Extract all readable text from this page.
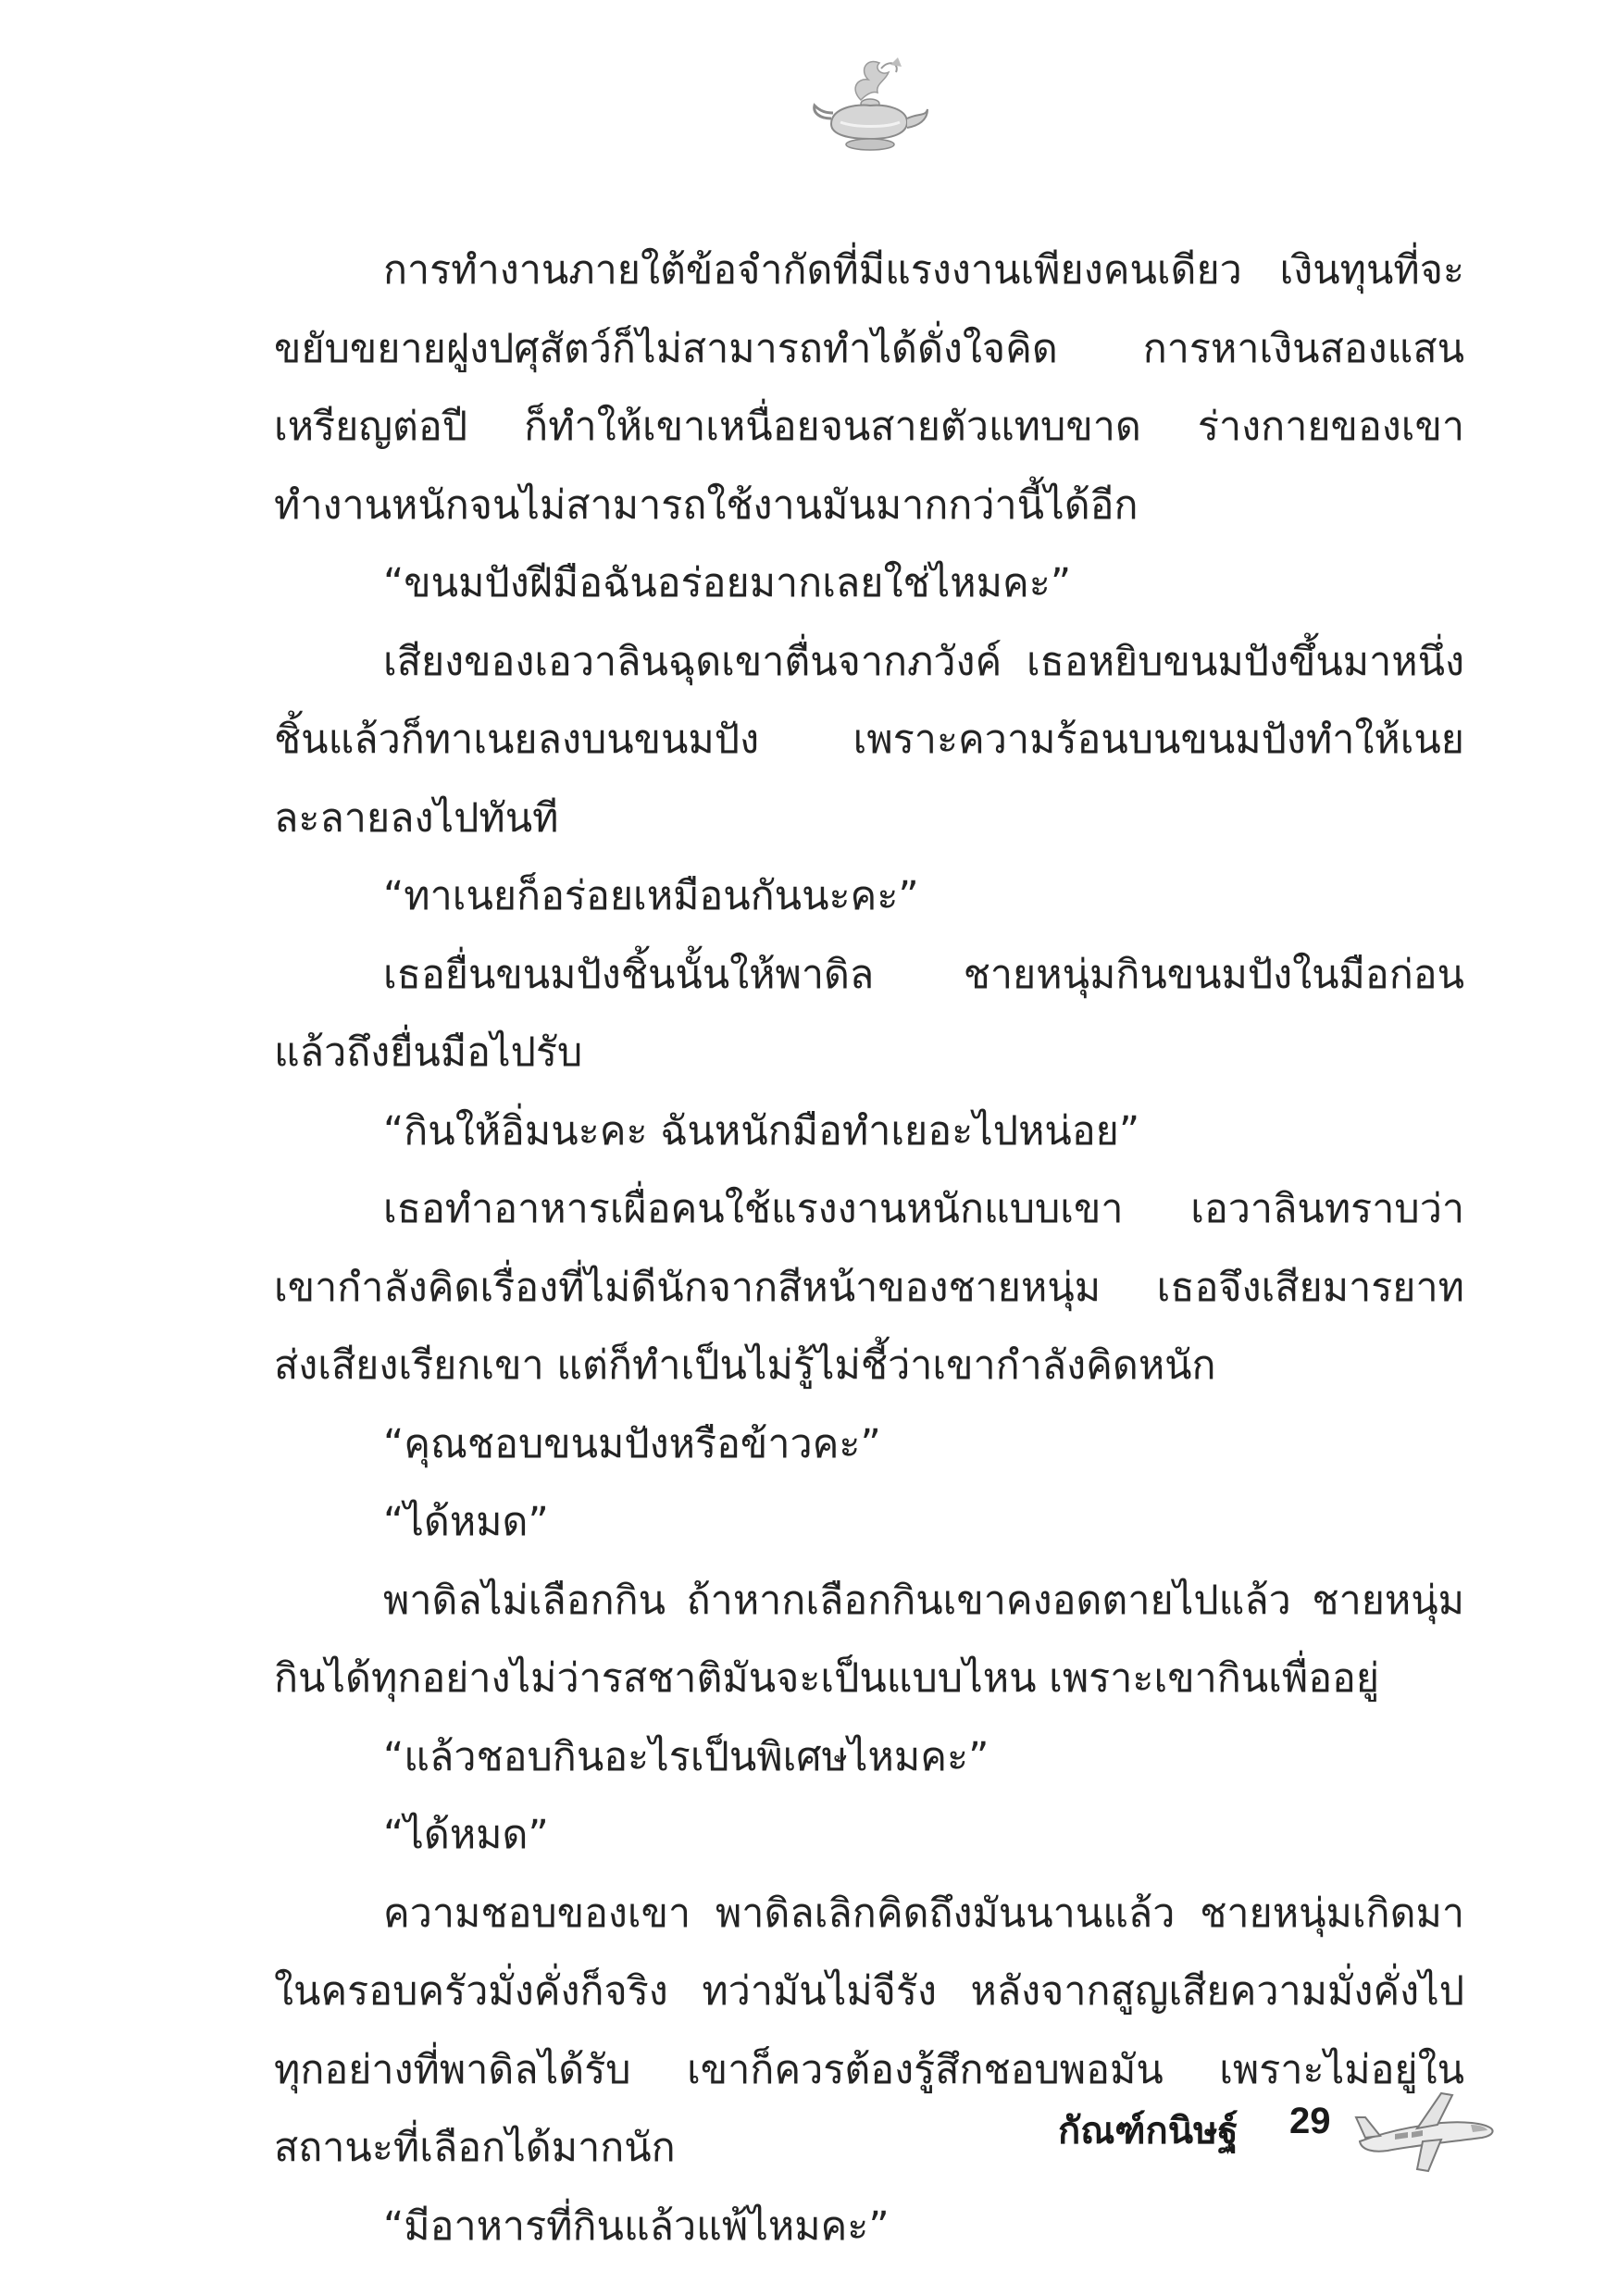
การทำงานภายใต้ข้อจำกัดที่มีแรงงานเพียงคนเดียว เงินทุนที่จะขยับขยายฝูงปศุสัตว์ก็ไม่สามารถทำได้ดั่งใจคิด การหาเงินสองแสนเหรียญต่อปี ก็ทำให้เขาเหนื่อยจนสายตัวแทบขาด ร่างกายของเขาทำงานหนักจนไม่สามารถใช้งานมันมากกว่านี้ได้อีก

“ขนมปังฝีมือฉันอร่อยมากเลยใช่ไหมคะ”

เสียงของเอวาลินฉุดเขาตื่นจากภวังค์ เธอหยิบขนมปังขึ้นมาหนึ่งชิ้นแล้วก็ทาเนยลงบนขนมปัง เพราะความร้อนบนขนมปังทำให้เนยละลายลงไปทันที

“ทาเนยก็อร่อยเหมือนกันนะคะ”

เธอยื่นขนมปังชิ้นนั้นให้พาดิล ชายหนุ่มกินขนมปังในมือก่อน แล้วถึงยื่นมือไปรับ

“กินให้อิ่มนะคะ ฉันหนักมือทำเยอะไปหน่อย”

เธอทำอาหารเผื่อคนใช้แรงงานหนักแบบเขา เอวาลินทราบว่าเขากำลังคิดเรื่องที่ไม่ดีนักจากสีหน้าของชายหนุ่ม เธอจึงเสียมารยาทส่งเสียงเรียกเขา แต่ก็ทำเป็นไม่รู้ไม่ชี้ว่าเขากำลังคิดหนัก

“คุณชอบขนมปังหรือข้าวคะ”

“ได้หมด”

พาดิลไม่เลือกกิน ถ้าหากเลือกกินเขาคงอดตายไปแล้ว ชายหนุ่มกินได้ทุกอย่างไม่ว่ารสชาติมันจะเป็นแบบไหน เพราะเขากินเพื่ออยู่

“แล้วชอบกินอะไรเป็นพิเศษไหมคะ”

“ได้หมด”

ความชอบของเขา พาดิลเลิกคิดถึงมันนานแล้ว ชายหนุ่มเกิดมาในครอบครัวมั่งคั่งก็จริง ทว่ามันไม่จีรัง หลังจากสูญเสียความมั่งคั่งไป ทุกอย่างที่พาดิลได้รับ เขาก็ควรต้องรู้สึกชอบพอมัน เพราะไม่อยู่ในสถานะที่เลือกได้มากนัก

“มีอาหารที่กินแล้วแพ้ไหมคะ”

กัณฑ์กนิษฐ์ 29
